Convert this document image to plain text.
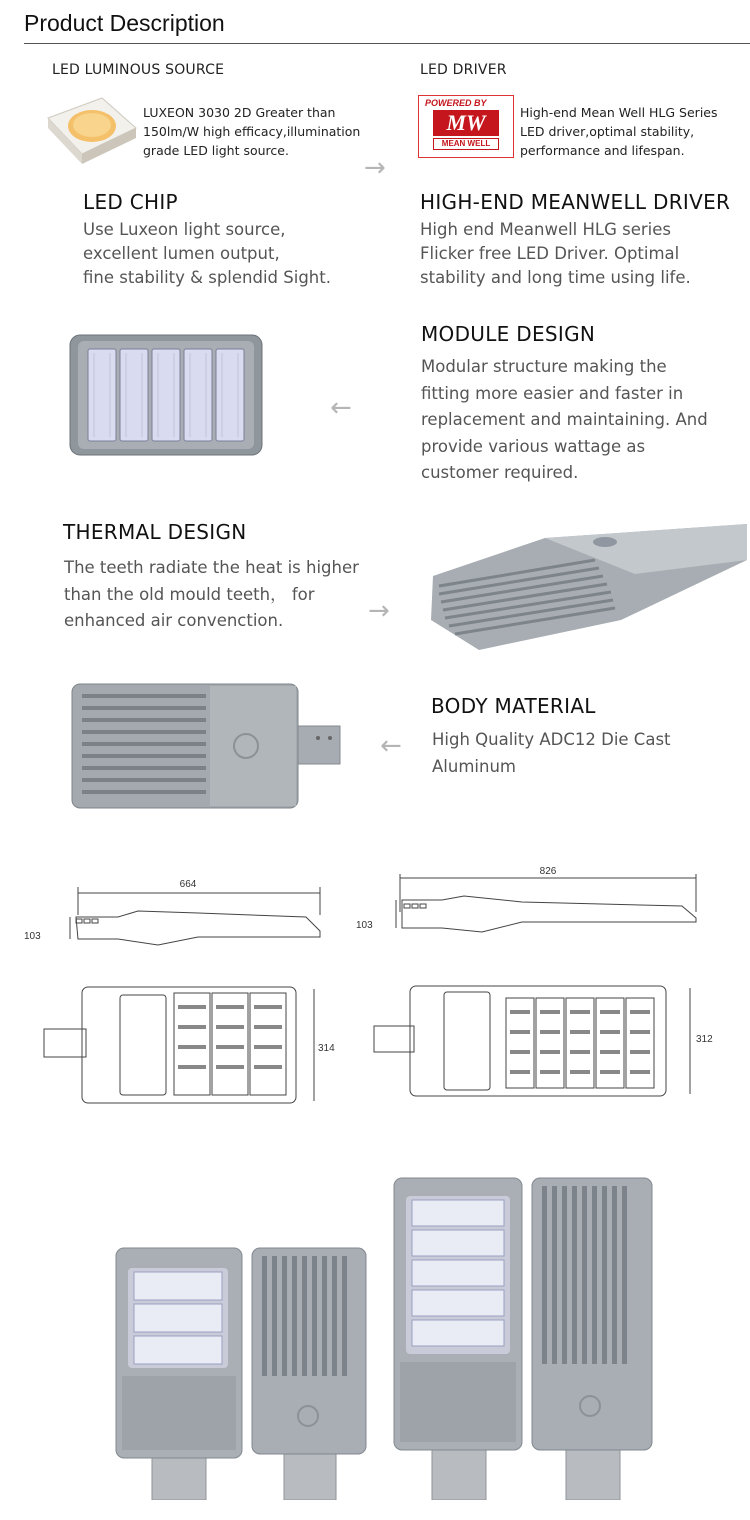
Product Description
LED LUMINOUS SOURCE
LUXEON 3030 2D Greater than
150lm/W high efficacy,illumination
grade LED light source.
LED DRIVER
POWERED BY
MW
MEAN WELL
High-end Mean Well HLG Series
LED driver,optimal stability,
performance and lifespan.
→
LED CHIP
Use Luxeon light source,
excellent lumen output,
fine stability & splendid Sight.
HIGH-END MEANWELL DRIVER
High end Meanwell HLG series
Flicker free LED Driver. Optimal
stability and long time using life.
←
MODULE DESIGN
Modular structure making the
fitting more easier and faster in
replacement and maintaining. And
provide various wattage as
customer required.
THERMAL DESIGN
The teeth radiate the heat is higher
than the old mould teeth， for
enhanced air convenction.	→
←
BODY MATERIAL
High Quality ADC12 Die Cast
Aluminum
664
103
314
826
103
312
